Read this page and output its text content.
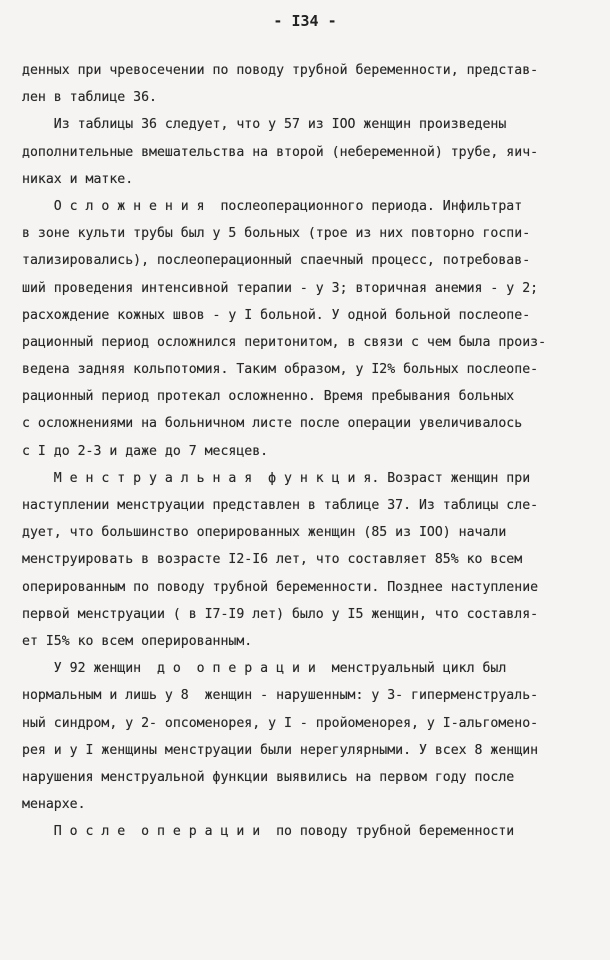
- I34 -
денных при чревосечении по поводу трубной беременности, представ-
лен в таблице 36.
Из таблицы 36 следует, что у 57 из IOO женщин произведены
дополнительные вмешательства на второй (небеременной) трубе, яич-
никах и матке.
О с л о ж н е н и я  послеоперационного периода. Инфильтрат
в зоне культи трубы был у 5 больных (трое из них повторно госпи-
тализировались), послеоперационный спаечный процесс, потребовав-
ший проведения интенсивной терапии - у 3; вторичная анемия - у 2;
расхождение кожных швов - у I больной. У одной больной послеопе-
рационный период осложнился перитонитом, в связи с чем была произ-
ведена задняя кольпотомия. Таким образом, у I2% больных послеопе-
рационный период протекал осложненно. Время пребывания больных
с осложнениями на больничном листе после операции увеличивалось
с I до 2-3 и даже до 7 месяцев.
М е н с т р у а л ь н а я  ф у н к ц и я. Возраст женщин при
наступлении менструации представлен в таблице 37. Из таблицы сле-
дует, что большинство оперированных женщин (85 из IOO) начали
менструировать в возрасте I2-I6 лет, что составляет 85% ко всем
оперированным по поводу трубной беременности. Позднее наступление
первой менструации ( в I7-I9 лет) было у I5 женщин, что составля-
ет I5% ко всем оперированным.
У 92 женщин  д о  о п е р а ц и и  менструальный цикл был
нормальным и лишь у 8  женщин - нарушенным: у 3- гиперменструаль-
ный синдром, у 2- опсоменорея, у I - пройоменорея, у I-альгомено-
рея и у I женщины менструации были нерегулярными. У всех 8 женщин
нарушения менструальной функции выявились на первом году после
менархе.
П о с л е  о п е р а ц и и  по поводу трубной беременности
